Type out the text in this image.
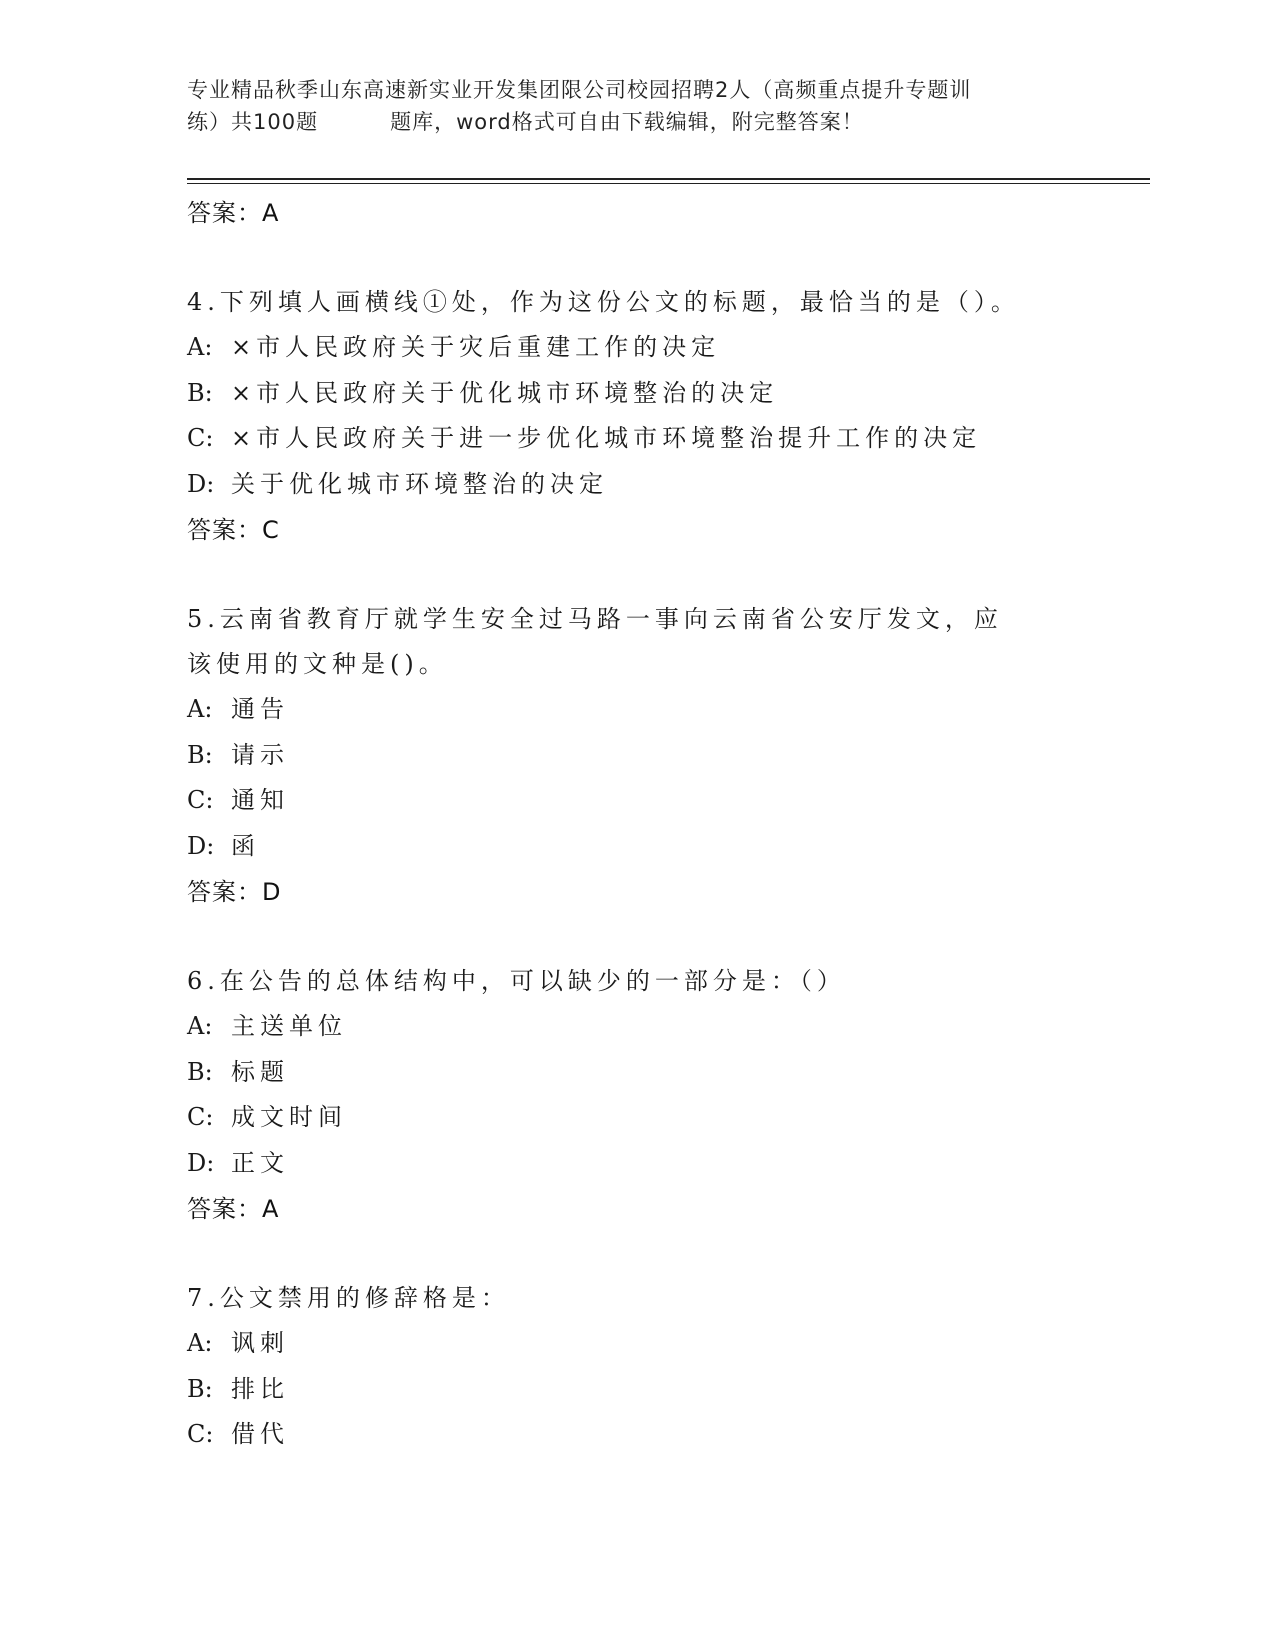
专业精品秋季山东高速新实业开发集团限公司校园招聘2人（高频重点提升专题训
练）共100题	题库，word格式可自由下载编辑，附完整答案！
答案：A
4.下列填人画横线①处，作为这份公文的标题，最恰当的是（）。
A: ×市人民政府关于灾后重建工作的决定
B: ×市人民政府关于优化城市环境整治的决定
C: ×市人民政府关于进一步优化城市环境整治提升工作的决定
D: 关于优化城市环境整治的决定
答案：C
5.云南省教育厅就学生安全过马路一事向云南省公安厅发文，应该使用的文种是()。
A: 通告
B: 请示
C: 通知
D: 函
答案：D
6.在公告的总体结构中，可以缺少的一部分是：（）
A: 主送单位
B: 标题
C: 成文时间
D: 正文
答案：A
7.公文禁用的修辞格是：
A: 讽刺
B: 排比
C: 借代
